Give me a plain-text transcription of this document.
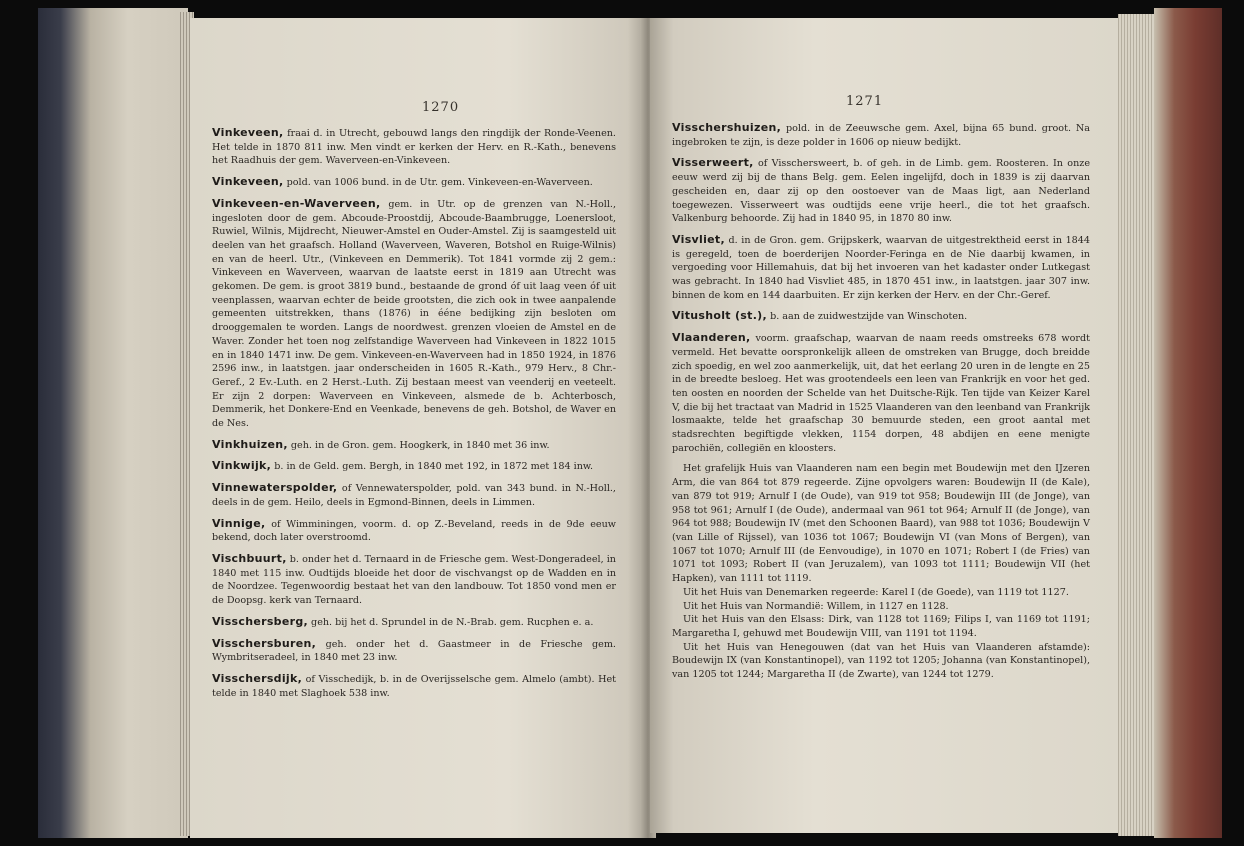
1270

Vinkeveen, fraai d. in Utrecht, gebouwd langs den ringdijk der Ronde-Veenen. Het telde in 1870 811 inw. Men vindt er kerken der Herv. en R.-Kath., benevens het Raadhuis der gem. Waverveen-en-Vinkeveen.

Vinkeveen, pold. van 1006 bund. in de Utr. gem. Vinkeveen-en-Waverveen.

Vinkeveen-en-Waverveen, gem. in Utr. op de grenzen van N.-Holl., ingesloten door de gem. Abcoude-Proostdij, Abcoude-Baambrugge, Loenersloot, Ruwiel, Wilnis, Mijdrecht, Nieuwer-Amstel en Ouder-Amstel. Zij is saamgesteld uit deelen van het graafsch. Holland (Waverveen, Waveren, Botshol en Ruige-Wilnis) en van de heerl. Utr., (Vinkeveen en Demmerik). Tot 1841 vormde zij 2 gem.: Vinkeveen en Waverveen, waarvan de laatste eerst in 1819 aan Utrecht was gekomen. De gem. is groot 3819 bund., bestaande de grond óf uit laag veen óf uit veenplassen, waarvan echter de beide grootsten, die zich ook in twee aanpalende gemeenten uitstrekken, thans (1876) in ééne bedijking zijn besloten om drooggemalen te worden. Langs de noordwest. grenzen vloeien de Amstel en de Waver. Zonder het toen nog zelfstandige Waverveen had Vinkeveen in 1822 1015 en in 1840 1471 inw. De gem. Vinkeveen-en-Waverveen had in 1850 1924, in 1876 2596 inw., in laatstgen. jaar onderscheiden in 1605 R.-Kath., 979 Herv., 8 Chr.-Geref., 2 Ev.-Luth. en 2 Herst.-Luth. Zij bestaan meest van veenderij en veeteelt. Er zijn 2 dorpen: Waverveen en Vinkeveen, alsmede de b. Achterbosch, Demmerik, het Donkere-End en Veenkade, benevens de geh. Botshol, de Waver en de Nes.

Vinkhuizen, geh. in de Gron. gem. Hoogkerk, in 1840 met 36 inw.

Vinkwijk, b. in de Geld. gem. Bergh, in 1840 met 192, in 1872 met 184 inw.

Vinnewaterspolder, of Vennewaterspolder, pold. van 343 bund. in N.-Holl., deels in de gem. Heilo, deels in Egmond-Binnen, deels in Limmen.

Vinnige, of Wimminingen, voorm. d. op Z.-Beveland, reeds in de 9de eeuw bekend, doch later overstroomd.

Vischbuurt, b. onder het d. Ternaard in de Friesche gem. West-Dongeradeel, in 1840 met 115 inw. Oudtijds bloeide het door de vischvangst op de Wadden en in de Noordzee. Tegenwoordig bestaat het van den landbouw. Tot 1850 vond men er de Doopsg. kerk van Ternaard.

Visschersberg, geh. bij het d. Sprundel in de N.-Brab. gem. Rucphen e. a.

Visschersburen, geh. onder het d. Gaastmeer in de Friesche gem. Wymbritseradeel, in 1840 met 23 inw.

Visschersdijk, of Visschedijk, b. in de Overijsselsche gem. Almelo (ambt). Het telde in 1840 met Slaghoek 538 inw.

1271

Visschershuizen, pold. in de Zeeuwsche gem. Axel, bijna 65 bund. groot. Na ingebroken te zijn, is deze polder in 1606 op nieuw bedijkt.

Visserweert, of Visschersweert, b. of geh. in de Limb. gem. Roosteren. In onze eeuw werd zij bij de thans Belg. gem. Eelen ingelijfd, doch in 1839 is zij daarvan gescheiden en, daar zij op den oostoever van de Maas ligt, aan Nederland toegewezen. Visserweert was oudtijds eene vrije heerl., die tot het graafsch. Valkenburg behoorde. Zij had in 1840 95, in 1870 80 inw.

Visvliet, d. in de Gron. gem. Grijpskerk, waarvan de uitgestrektheid eerst in 1844 is geregeld, toen de boerderijen Noorder-Feringa en de Nie daarbij kwamen, in vergoeding voor Hillemahuis, dat bij het invoeren van het kadaster onder Lutkegast was gebracht. In 1840 had Visvliet 485, in 1870 451 inw., in laatstgen. jaar 307 inw. binnen de kom en 144 daarbuiten. Er zijn kerken der Herv. en der Chr.-Geref.

Vitusholt (st.), b. aan de zuidwestzijde van Winschoten.

Vlaanderen, voorm. graafschap, waarvan de naam reeds omstreeks 678 wordt vermeld. Het bevatte oorspronkelijk alleen de omstreken van Brugge, doch breidde zich spoedig, en wel zoo aanmerkelijk, uit, dat het eerlang 20 uren in de lengte en 25 in de breedte besloeg. Het was grootendeels een leen van Frankrijk en voor het ged. ten oosten en noorden der Schelde van het Duitsche-Rijk. Ten tijde van Keizer Karel V, die bij het tractaat van Madrid in 1525 Vlaanderen van den leenband van Frankrijk losmaakte, telde het graafschap 30 bemuurde steden, een groot aantal met stadsrechten begiftigde vlekken, 1154 dorpen, 48 abdijen en eene menigte parochiën, collegiën en kloosters.

Het grafelijk Huis van Vlaanderen nam een begin met Boudewijn met den IJzeren Arm, die van 864 tot 879 regeerde. Zijne opvolgers waren: Boudewijn II (de Kale), van 879 tot 919; Arnulf I (de Oude), van 919 tot 958; Boudewijn III (de Jonge), van 958 tot 961; Arnulf I (de Oude), andermaal van 961 tot 964; Arnulf II (de Jonge), van 964 tot 988; Boudewijn IV (met den Schoonen Baard), van 988 tot 1036; Boudewijn V (van Lille of Rijssel), van 1036 tot 1067; Boudewijn VI (van Mons of Bergen), van 1067 tot 1070; Arnulf III (de Eenvoudige), in 1070 en 1071; Robert I (de Fries) van 1071 tot 1093; Robert II (van Jeruzalem), van 1093 tot 1111; Boudewijn VII (het Hapken), van 1111 tot 1119.

Uit het Huis van Denemarken regeerde: Karel I (de Goede), van 1119 tot 1127.

Uit het Huis van Normandië: Willem, in 1127 en 1128.

Uit het Huis van den Elsass: Dirk, van 1128 tot 1169; Filips I, van 1169 tot 1191; Margaretha I, gehuwd met Boudewijn VIII, van 1191 tot 1194.

Uit het Huis van Henegouwen (dat van het Huis van Vlaanderen afstamde): Boudewijn IX (van Konstantinopel), van 1192 tot 1205; Johanna (van Konstantinopel), van 1205 tot 1244; Margaretha II (de Zwarte), van 1244 tot 1279.
